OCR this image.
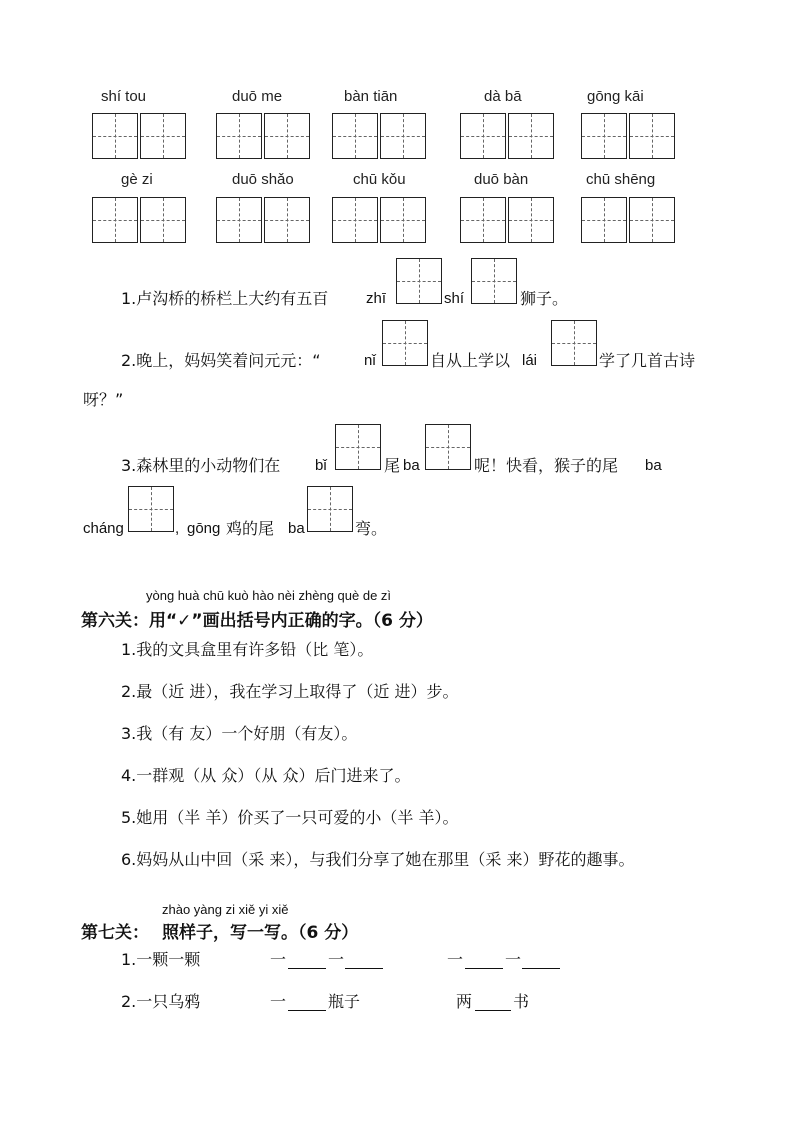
shí tou	duō me	bàn tiān	dà bā	gōng kāi
gè zi	duō shǎo	chū kǒu	duō bàn	chū shēng
1.卢沟桥的桥栏上大约有五百	zhī	shí	狮子。
2.晚上，妈妈笑着问元元：“	nǐ	自从上学以 lái	学了几首古诗
呀？”
3.森林里的小动物们在 bǐ	尾 ba	呢！快看，猴子的尾 ba
cháng	, gōng 鸡的尾 ba	弯。
yòng huà chū kuò hào nèi zhèng què de zì
第六关：用“✓”画出括号内正确的字。（6 分）
1.我的文具盒里有许多铅（比 笔）。
2.最（近 进），我在学习上取得了（近 进）步。
3.我（有 友）一个好朋（有友）。
4.一群观（从 众）（从 众）后门进来了。
5.她用（半 羊）价买了一只可爱的小（半 羊）。
6.妈妈从山中回（采 来），与我们分享了她在那里（采 来）野花的趣事。
zhào yàng zi xiě yi xiě
第七关： 照样子，写一写。（6 分）
1.一颗一颗	一	一	一	一
2.一只乌鸦	一	瓶子	两	书
